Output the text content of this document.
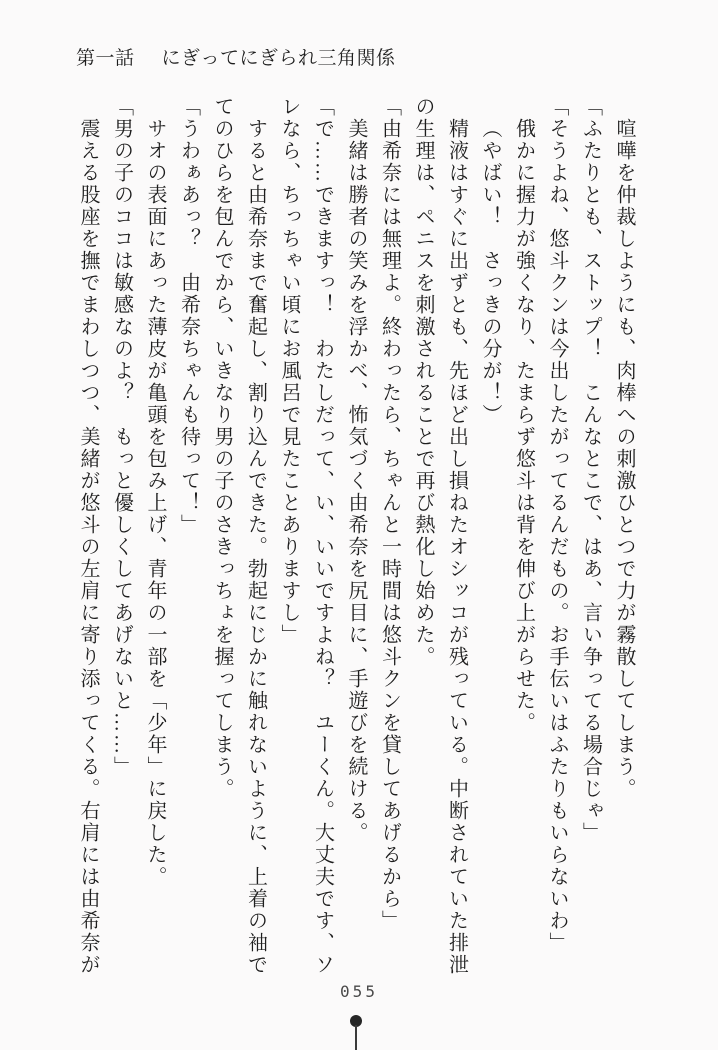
第一話 にぎってにぎられ三角関係

喧嘩を仲裁しようにも、肉棒への刺激ひとつで力が霧散してしまう。

「ふたりとも、ストップ！　こんなとこで、はあ、言い争ってる場合じゃ」

「そうよね、悠斗クンは今出したがってるんだもの。お手伝いはふたりもいらないわ」

俄かに握力が強くなり、たまらず悠斗は背を伸び上がらせた。

（やばい！　さっきの分が！）

精液はすぐに出ずとも、先ほど出し損ねたオシッコが残っている。中断されていた排泄

の生理は、ペニスを刺激されることで再び熱化し始めた。

「由希奈には無理よ。終わったら、ちゃんと一時間は悠斗クンを貸してあげるから」

美緒は勝者の笑みを浮かべ、怖気づく由希奈を尻目に、手遊びを続ける。

「で……できますっ！　わたしだって、い、いいですよね？　ユーくん。大丈夫です、ソ

レなら、ちっちゃい頃にお風呂で見たことありますし」

すると由希奈まで奮起し、割り込んできた。勃起にじかに触れないように、上着の袖で

てのひらを包んでから、いきなり男の子のさきっちょを握ってしまう。

「うわぁあっ？　由希奈ちゃんも待って！」

サオの表面にあった薄皮が亀頭を包み上げ、青年の一部を「少年」に戻した。

「男の子のココは敏感なのよ？　もっと優しくしてあげないと……」

震える股座を撫でまわしつつ、美緒が悠斗の左肩に寄り添ってくる。右肩には由希奈が

055
